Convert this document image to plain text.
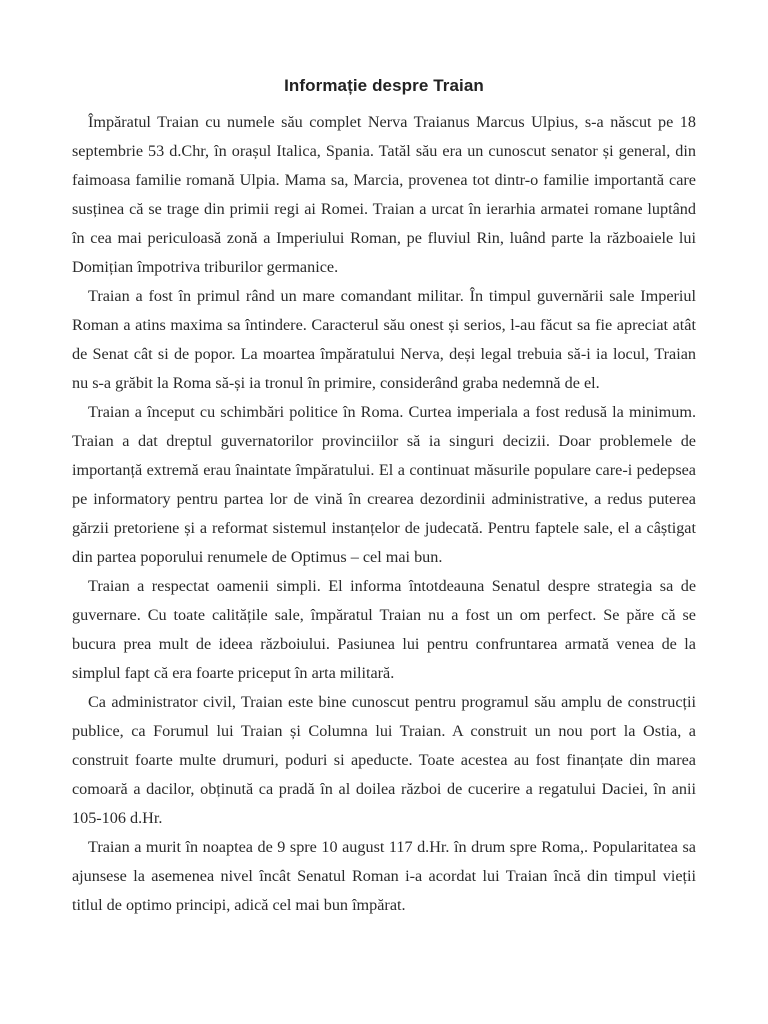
Informație despre Traian

Împăratul Traian cu numele său complet Nerva Traianus Marcus Ulpius, s-a născut pe 18 septembrie 53 d.Chr, în orașul Italica, Spania. Tatăl său era un cunoscut senator și general, din faimoasa familie romană Ulpia. Mama sa, Marcia, provenea tot dintr-o familie importantă care susținea că se trage din primii regi ai Romei. Traian a urcat în ierarhia armatei romane luptând în cea mai periculoasă zonă a Imperiului Roman, pe fluviul Rin, luând parte la războaiele lui Domițian împotriva triburilor germanice.

Traian a fost în primul rând un mare comandant militar. În timpul guvernării sale Imperiul Roman a atins maxima sa întindere. Caracterul său onest și serios, l-au făcut sa fie apreciat atât de Senat cât si de popor. La moartea împăratului Nerva, deși legal trebuia să-i ia locul, Traian nu s-a grăbit la Roma să-și ia tronul în primire, considerând graba nedemnă de el.

Traian a început cu schimbări politice în Roma. Curtea imperiala a fost redusă la minimum. Traian a dat dreptul guvernatorilor provinciilor să ia singuri decizii. Doar problemele de importanță extremă erau înaintate împăratului. El a continuat măsurile populare care-i pedepsea pe informatory pentru partea lor de vină în crearea dezordinii administrative, a redus puterea gărzii pretoriene și a reformat sistemul instanțelor de judecată. Pentru faptele sale, el a câștigat din partea poporului renumele de Optimus – cel mai bun.

Traian a respectat oamenii simpli. El informa întotdeauna Senatul despre strategia sa de guvernare. Cu toate calitățile sale, împăratul Traian nu a fost un om perfect. Se păre că se bucura prea mult de ideea războiului. Pasiunea lui pentru confruntarea armată venea de la simplul fapt că era foarte priceput în arta militară.

Ca administrator civil, Traian este bine cunoscut pentru programul său amplu de construcții publice, ca Forumul lui Traian și Columna lui Traian. A construit un nou port la Ostia, a construit foarte multe drumuri, poduri si apeducte. Toate acestea au fost finanțate din marea comoară a dacilor, obținută ca pradă în al doilea război de cucerire a regatului Daciei, în anii 105-106 d.Hr.

Traian a murit în noaptea de 9 spre 10 august 117 d.Hr. în drum spre Roma,. Popularitatea sa ajunsese la asemenea nivel încât Senatul Roman i-a acordat lui Traian încă din timpul vieții titlul de optimo principi, adică cel mai bun împărat.
